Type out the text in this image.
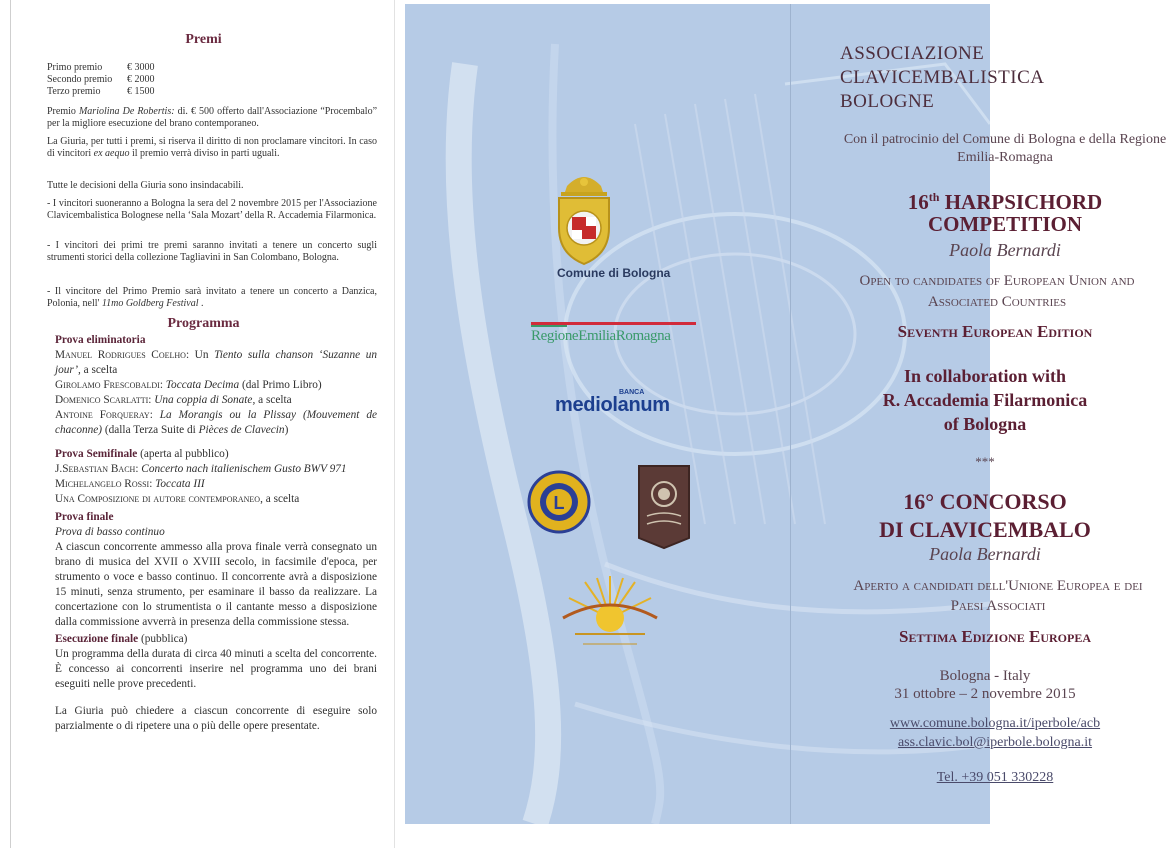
Premi
Primo premio	€ 3000
Secondo premio	€ 2000
Terzo premio	€ 1500
Premio Mariolina De Robertis: di. € 500 offerto dall'Associazione “Procembalo” per la migliore esecuzione del brano contemporaneo.
La Giuria, per tutti i premi, si riserva il diritto di non proclamare vincitori. In caso di vincitori ex aequo il premio verrà diviso in parti uguali.
Tutte le decisioni della Giuria sono insindacabili.
- I vincitori suoneranno a Bologna la sera del 2 novembre 2015 per l'Associazione Clavicembalistica Bolognese nella ‘Sala Mozart’ della R. Accademia Filarmonica.
- I vincitori dei primi tre premi saranno invitati a tenere un concerto sugli strumenti storici della collezione Tagliavini in San Colombano, Bologna.
- Il vincitore del Primo Premio sarà invitato a tenere un concerto a Danzica, Polonia, nell' 11mo Goldberg Festival .
Programma
Prova eliminatoria
Manuel Rodrigues Coelho: Un Tiento sulla chanson ‘Suzanne un jour’, a scelta
Girolamo Frescobaldi: Toccata Decima (dal Primo Libro)
Domenico Scarlatti: Una coppia di Sonate, a scelta
Antoine Forqueray: La Morangis ou la Plissay (Mouvement de chaconne) (dalla Terza Suite di Pièces de Clavecin)
Prova Semifinale (aperta al pubblico)
J.Sebastian Bach: Concerto nach italienischem Gusto BWV 971
Michelangelo Rossi: Toccata III
Una Composizione di autore contemporaneo, a scelta
Prova finale
Prova di basso continuo
A ciascun concorrente ammesso alla prova finale verrà consegnato un brano di musica del XVII o XVIII secolo, in facsimile d'epoca, per strumento o voce e basso continuo. Il concorrente avrà a disposizione 15 minuti, senza strumento, per esaminare il basso da realizzare. La concertazione con lo strumentista o il cantante messo a disposizione dalla commissione avverrà in presenza della commissione stessa.
Esecuzione finale (pubblica)
Un programma della durata di circa 40 minuti a scelta del concorrente. È concesso ai concorrenti inserire nel programma uno dei brani eseguiti nelle prove precedenti.
La Giuria può chiedere a ciascun concorrente di eseguire solo parzialmente o di ripetere una o più delle opere presentate.
Comune di Bologna
RegioneEmiliaRomagna
BANCA
mediolanum
L
ASSOCIAZIONE
CLAVICEMBALISTICA
BOLOGNE
Con il patrocinio del Comune di Bologna e della Regione Emilia-Romagna
16th HARPSICHORD
COMPETITION
Paola Bernardi
Open to candidates of European Union and Associated Countries
Seventh European Edition
In collaboration with
R. Accademia Filarmonica
of Bologna
***
16° CONCORSO
DI CLAVICEMBALO
Paola Bernardi
Aperto a candidati dell'Unione Europea e dei Paesi Associati
Settima Edizione Europea
Bologna - Italy
31 ottobre – 2 novembre 2015
www.comune.bologna.it/iperbole/acb
ass.clavic.bol@iperbole.bologna.it
Tel. +39 051 330228
